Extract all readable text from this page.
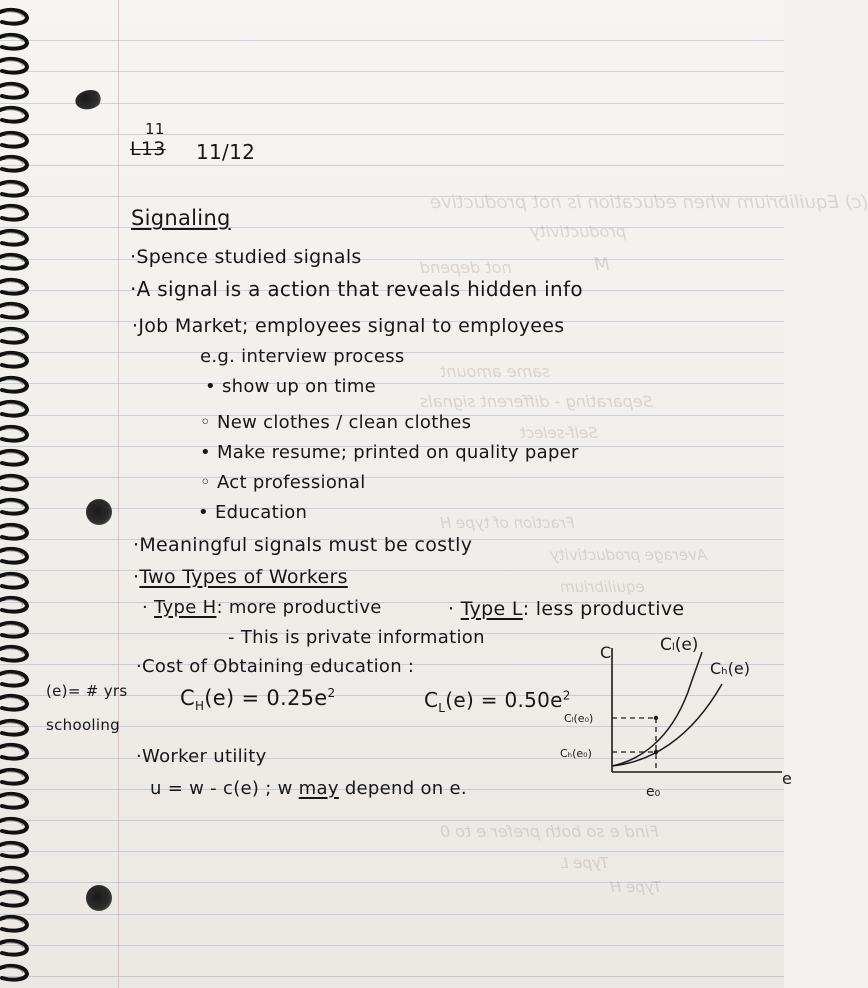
(c) Equilibrium when education is not productive
productivity
M
not depend
same amount
Separating - different signals
Self-select
Fraction of type H
Average productivity
equilibrium
Find e so both prefer e to 0
Type L
Type H
11
L13 11/12
Signaling
·Spence studied signals
·A signal is a action that reveals hidden info
·Job Market; employees signal to employees
e.g. interview process
• show up on time
◦ New clothes / clean clothes
• Make resume; printed on quality paper
◦ Act professional
• Education
·Meaningful signals must be costly
·Two Types of Workers
· Type H: more productive	· Type L: less productive
- This is private information
·Cost of Obtaining education :
$C_H(e) = 0.25e^2$	$C_L(e) = 0.50e^2$
(e)= # yrs
schooling
·Worker utility
u = w - c(e) ; w may depend on e.
C
e
Cₗ(e)
Cₕ(e)
Cₗ(e₀)
Cₕ(e₀)
e₀
